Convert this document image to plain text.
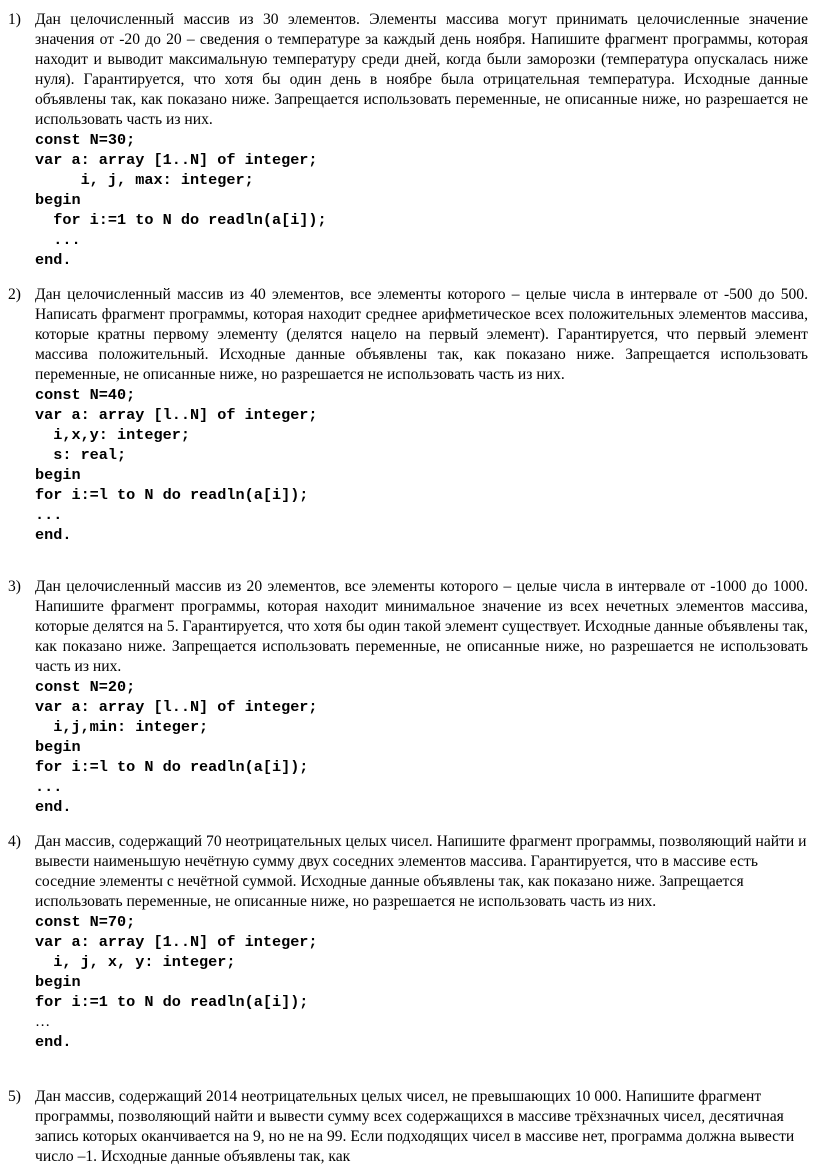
1) Дан целочисленный массив из 30 элементов. Элементы массива могут принимать целочисленные значение значения от -20 до 20 – сведения о температуре за каждый день ноября. Напишите фрагмент программы, которая находит и выводит максимальную температуру среди дней, когда были заморозки (температура опускалась ниже нуля). Гарантируется, что хотя бы один день в ноябре была отрицательная температура. Исходные данные объявлены так, как показано ниже. Запрещается использовать переменные, не описанные ниже, но разрешается не использовать часть из них.

const N=30;
var a: array [1..N] of integer;
i, j, max: integer;
begin
for i:=1 to N do readln(a[i]);
...
end.
2) Дан целочисленный массив из 40 элементов, все элементы которого – целые числа в интервале от -500 до 500. Написать фрагмент программы, которая находит среднее арифметическое всех положительных элементов массива, которые кратны первому элементу (делятся нацело на первый элемент). Гарантируется, что первый элемент массива положительный. Исходные данные объявлены так, как показано ниже. Запрещается использовать переменные, не описанные ниже, но разрешается не использовать часть из них.

const N=40;
var a: array [l..N] of integer;
i,x,y: integer;
s: real;
begin
for i:=l to N do readln(a[i]);
...
end.
3) Дан целочисленный массив из 20 элементов, все элементы которого – целые числа в интервале от -1000 до 1000. Напишите фрагмент программы, которая находит минимальное значение из всех нечетных элементов массива, которые делятся на 5. Гарантируется, что хотя бы один такой элемент существует. Исходные данные объявлены так, как показано ниже. Запрещается использовать переменные, не описанные ниже, но разрешается не использовать часть из них.

const N=20;
var a: array [l..N] of integer;
i,j,min: integer;
begin
for i:=l to N do readln(a[i]);
...
end.
4) Дан массив, содержащий 70 неотрицательных целых чисел. Напишите фрагмент программы, позволяющий найти и вывести наименьшую нечётную сумму двух соседних элементов массива. Гарантируется, что в массиве есть соседние элементы с нечётной суммой. Исходные данные объявлены так, как показано ниже. Запрещается использовать переменные, не описанные ниже, но разрешается не использовать часть из них.

const N=70;
var a: array [1..N] of integer;
i, j, x, y: integer;
begin
for i:=1 to N do readln(a[i]);
…
end.
5) Дан массив, содержащий 2014 неотрицательных целых чисел, не превышающих 10 000. Напишите фрагмент программы, позволяющий найти и вывести сумму всех содержащихся в массиве трёхзначных чисел, десятичная запись которых оканчивается на 9, но не на 99. Если подходящих чисел в массиве нет, программа должна вывести число –1. Исходные данные объявлены так, как
